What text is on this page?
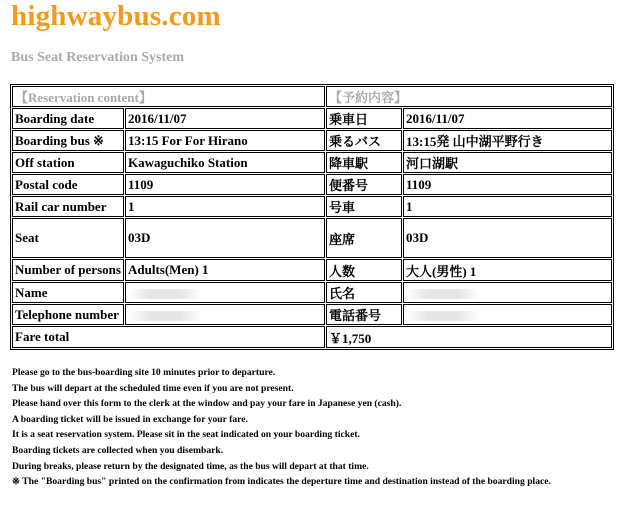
highwaybus.com
Bus Seat Reservation System
【Reservation content】		【予約内容】	
Boarding date	2016/11/07	乗車日	2016/11/07
Boarding bus ※	13:15 For For Hirano	乗るバス	13:15発 山中湖平野行き
Off station	Kawaguchiko Station	降車駅	河口湖駅
Postal code	1109	便番号	1109
Rail car number	1	号車	1
Seat	03D	座席	03D
Number of persons	Adults(Men) 1	人数	大人(男性) 1
Name		氏名	
Telephone number		電話番号	
Fare total		￥1,750	
Please go to the bus-boarding site 10 minutes prior to departure.
The bus will depart at the scheduled time even if you are not present.
Please hand over this form to the clerk at the window and pay your fare in Japanese yen (cash).
A boarding ticket will be issued in exchange for your fare.
It is a seat reservation system. Please sit in the seat indicated on your boarding ticket.
Boarding tickets are collected when you disembark.
During breaks, please return by the designated time, as the bus will depart at that time.
※ The "Boarding bus" printed on the confirmation from indicates the deperture time and destination instead of the boarding place.
